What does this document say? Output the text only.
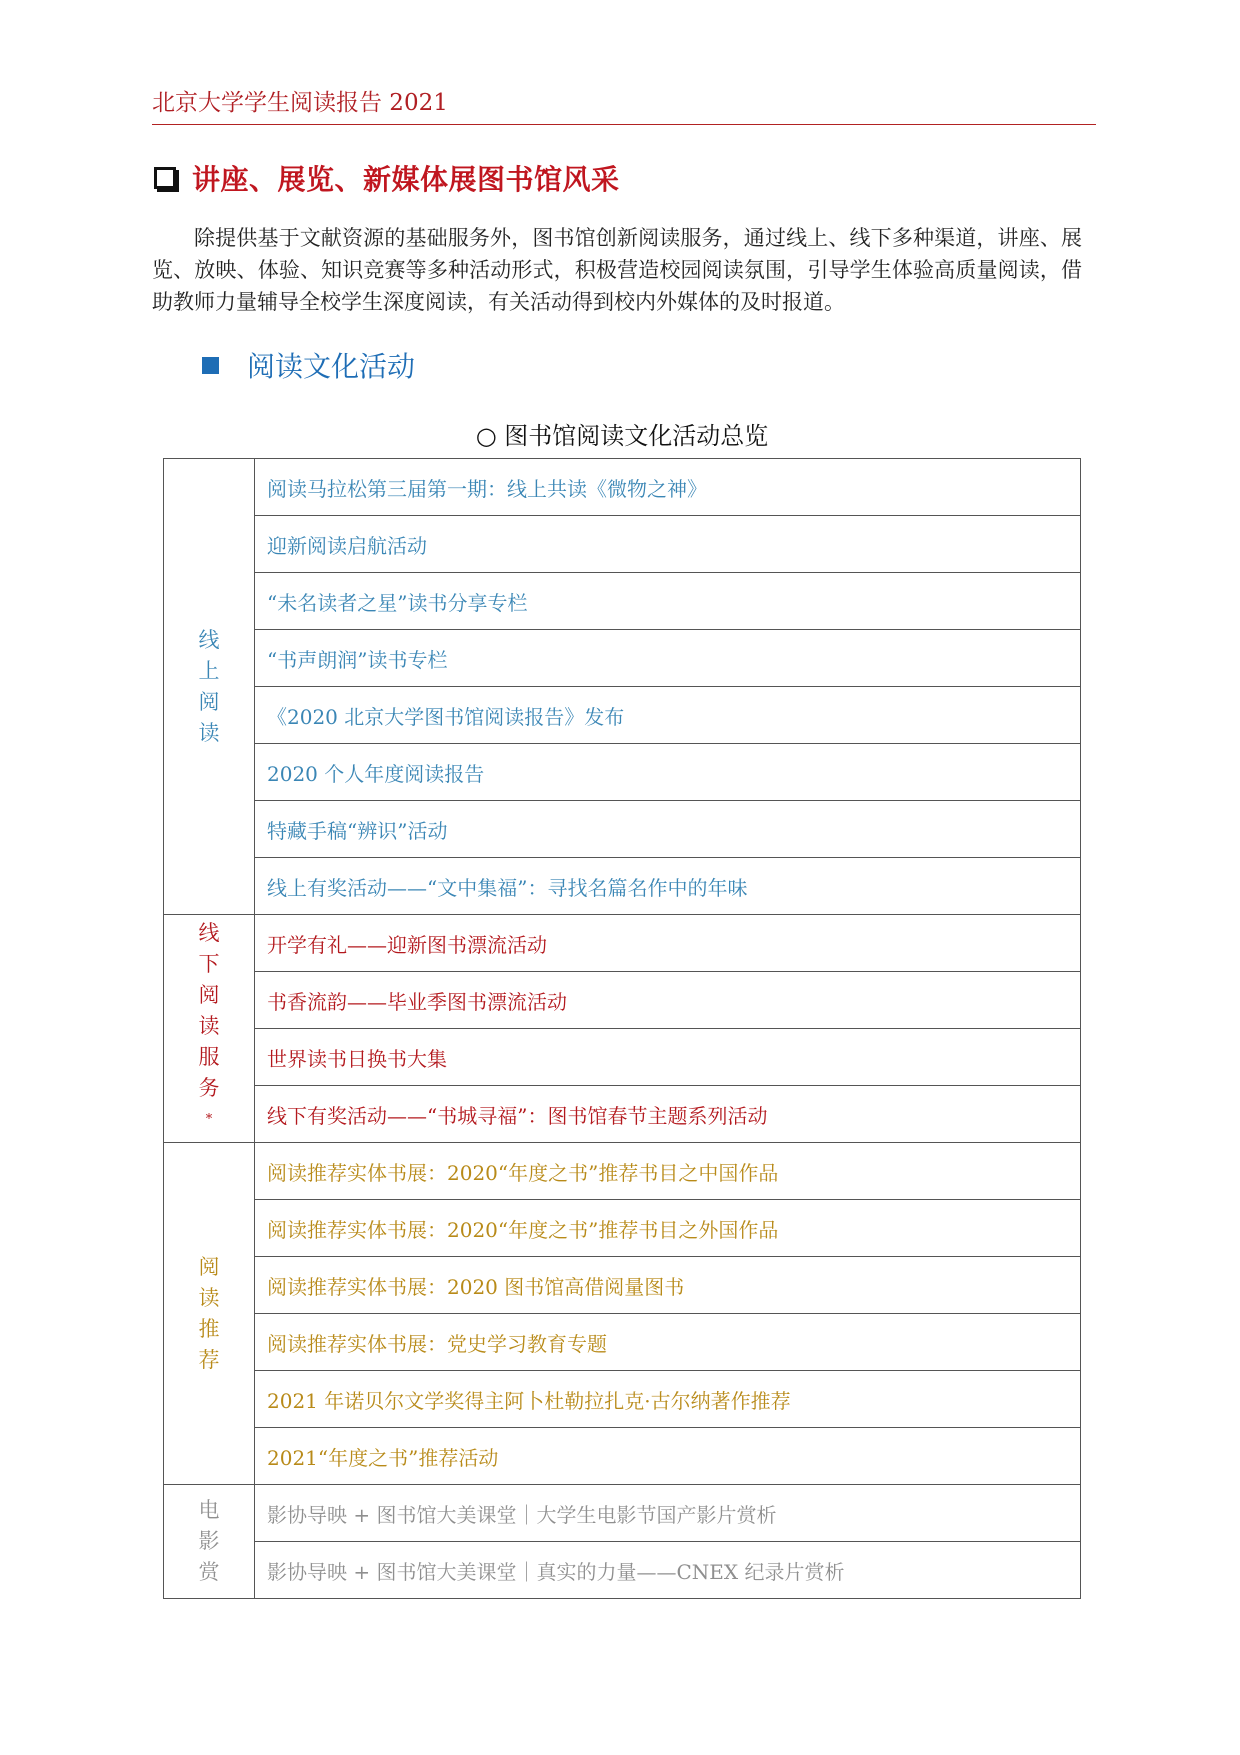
北京大学学生阅读报告 2021
讲座、展览、新媒体展图书馆风采

除提供基于文献资源的基础服务外，图书馆创新阅读服务，通过线上、线下多种渠道，讲座、展览、放映、体验、知识竞赛等多种活动形式，积极营造校园阅读氛围，引导学生体验高质量阅读，借助教师力量辅导全校学生深度阅读，有关活动得到校内外媒体的及时报道。

阅读文化活动
○ 图书馆阅读文化活动总览
线上阅读	阅读马拉松第三届第一期：线上共读《微物之神》
	迎新阅读启航活动
	“未名读者之星”读书分享专栏
	“书声朗润”读书专栏
	《2020 北京大学图书馆阅读报告》发布
	2020 个人年度阅读报告
	特藏手稿“辨识”活动
	线上有奖活动——“文中集福”：寻找名篇名作中的年味
线下阅读服务*	开学有礼——迎新图书漂流活动
	书香流韵——毕业季图书漂流活动
	世界读书日换书大集
	线下有奖活动——“书城寻福”：图书馆春节主题系列活动
阅读推荐	阅读推荐实体书展：2020“年度之书”推荐书目之中国作品
	阅读推荐实体书展：2020“年度之书”推荐书目之外国作品
	阅读推荐实体书展：2020 图书馆高借阅量图书
	阅读推荐实体书展：党史学习教育专题
	2021 年诺贝尔文学奖得主阿卜杜勒拉扎克·古尔纳著作推荐
	2021“年度之书”推荐活动
电影赏	影协导映 + 图书馆大美课堂｜大学生电影节国产影片赏析
	影协导映 + 图书馆大美课堂｜真实的力量——CNEX 纪录片赏析
